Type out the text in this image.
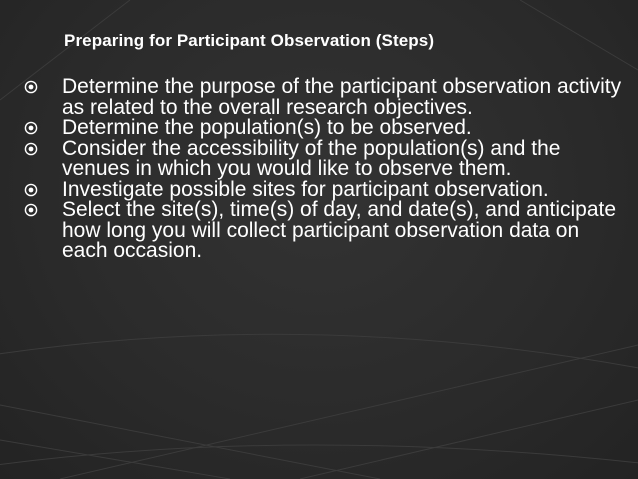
Preparing for Participant Observation (Steps)
Determine the purpose of the participant observation activity as related to the overall research objectives.
Determine the population(s) to be observed.
Consider the accessibility of the population(s) and the venues in which you would like to observe them.
Investigate possible sites for participant observation.
Select the site(s), time(s) of day, and date(s), and anticipate how long you will collect participant observation data on each occasion.
